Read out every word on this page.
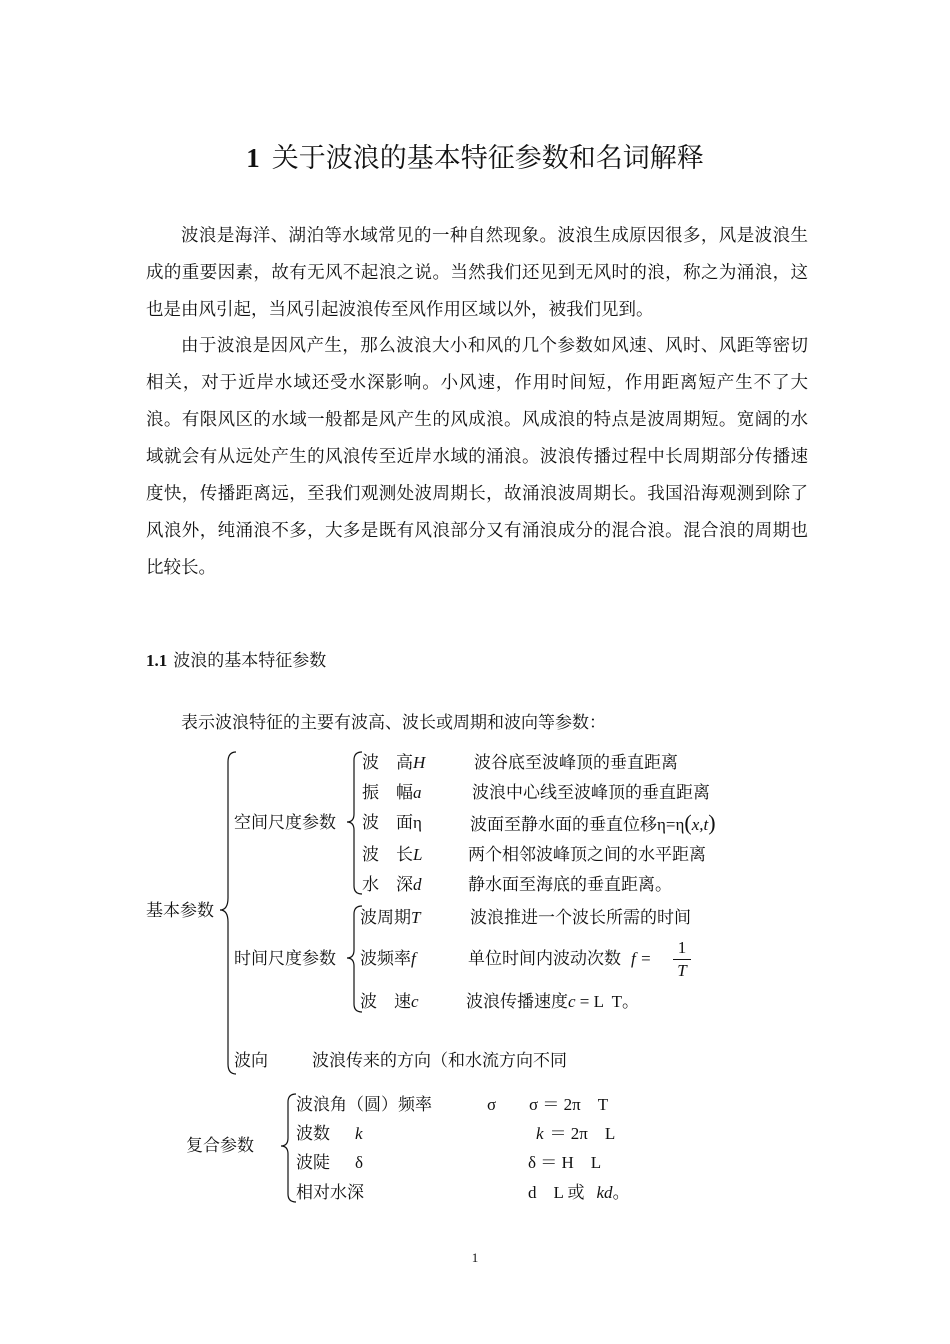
1 关于波浪的基本特征参数和名词解释

波浪是海洋、湖泊等水域常见的一种自然现象。波浪生成原因很多，风是波浪生成的重要因素，故有无风不起浪之说。当然我们还见到无风时的浪，称之为涌浪，这也是由风引起，当风引起波浪传至风作用区域以外，被我们见到。

由于波浪是因风产生，那么波浪大小和风的几个参数如风速、风时、风距等密切相关，对于近岸水域还受水深影响。小风速，作用时间短，作用距离短产生不了大浪。有限风区的水域一般都是风产生的风成浪。风成浪的特点是波周期短。宽阔的水域就会有从远处产生的风浪传至近岸水域的涌浪。波浪传播过程中长周期部分传播速度快，传播距离远，至我们观测处波周期长，故涌浪波周期长。我国沿海观测到除了风浪外，纯涌浪不多，大多是既有风浪部分又有涌浪成分的混合浪。混合浪的周期也比较长。

1.1 波浪的基本特征参数
表示波浪特征的主要有波高、波长或周期和波向等参数：
基本参数
空间尺度参数
波　高H	波谷底至波峰顶的垂直距离
振　幅a	波浪中心线至波峰顶的垂直距离
波　面η	波面至静水面的垂直位移η=η(x,t)
波　长L	两个相邻波峰顶之间的水平距离
水　深d	静水面至海底的垂直距离。
时间尺度参数
波周期T	波浪推进一个波长所需的时间
波频率f	单位时间内波动次数 $f = \frac{1}{T}$
波　速c	波浪传播速度c = L  T。
波向	波浪传来的方向（和水流方向不同
复合参数
波浪角（圆）频率	σ σ ＝ 2π　T
波数 k	k ＝ 2π　L
波陡 δ	δ ＝ H　L
相对水深	d　L 或 kd。
1
